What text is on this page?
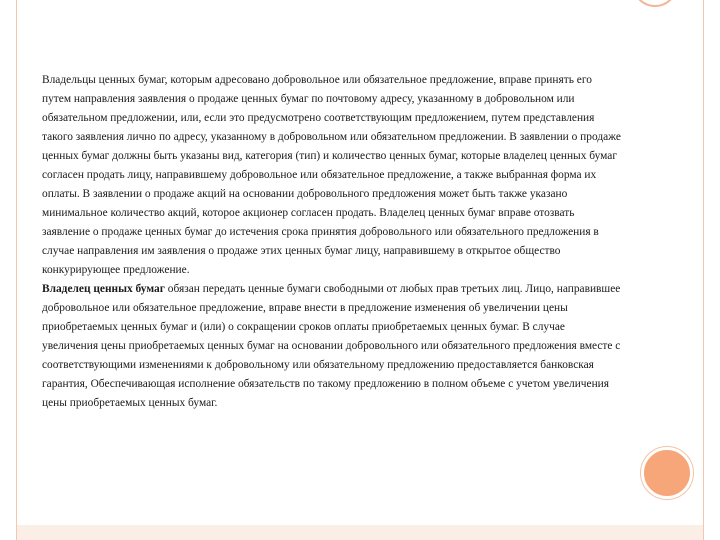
Владельцы ценных бумаг, которым адресовано добровольное или обязательное предложение, вправе принять его путем направления заявления о продаже ценных бумаг по почтовому адресу, указанному в добровольном или обязательном предложении, или, если это предусмотрено соответствующим предложением, путем представления такого заявления лично по адресу, указанному в добровольном или обязательном предложении. В заявлении о продаже ценных бумаг должны быть указаны вид, категория (тип) и количество ценных бумаг, которые владелец ценных бумаг согласен продать лицу, направившему добровольное или обязательное предложение, а также выбранная форма их оплаты. В заявлении о продаже акций на основании добровольного предложения может быть также указано минимальное количество акций, которое акционер согласен продать. Владелец ценных бумаг вправе отозвать заявление о продаже ценных бумаг до истечения срока принятия добровольного или обязательного предложения в случае направления им заявления о продаже этих ценных бумаг лицу, направившему в открытое общество конкурирующее предложение.

Владелец ценных бумаг обязан передать ценные бумаги свободными от любых прав третьих лиц. Лицо, направившее добровольное или обязательное предложение, вправе внести в предложение изменения об увеличении цены приобретаемых ценных бумаг и (или) о сокращении сроков оплаты приобретаемых ценных бумаг. В случае увеличения цены приобретаемых ценных бумаг на основании добровольного или обязательного предложения вместе с соответствующими изменениями к добровольному или обязательному предложению предоставляется банковская гарантия, Обеспечивающая исполнение обязательств по такому предложению в полном объеме с учетом увеличения цены приобретаемых ценных бумаг.
